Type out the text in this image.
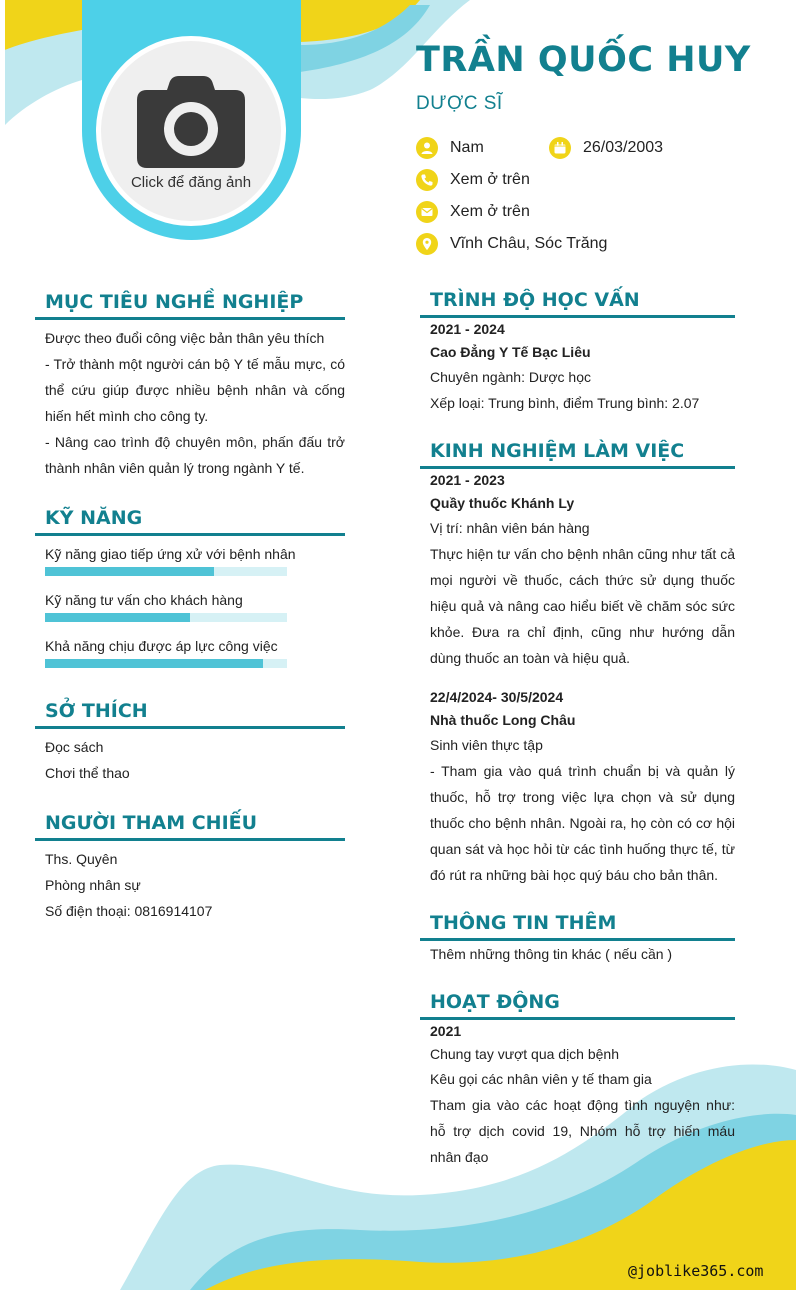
Click để đăng ảnh
TRẦN QUỐC HUY
DƯỢC SĨ
Nam	26/03/2003
Xem ở trên
Xem ở trên
Vĩnh Châu, Sóc Trăng
MỤC TIÊU NGHỀ NGHIỆP

Được theo đuổi công việc bản thân yêu thích

- Trở thành một người cán bộ Y tế mẫu mực, có thể cứu giúp được nhiều bệnh nhân và cống hiến hết mình cho công ty.

- Nâng cao trình độ chuyên môn, phấn đấu trở thành nhân viên quản lý trong ngành Y tế.

KỸ NĂNG

Kỹ năng giao tiếp ứng xử với bệnh nhân

Kỹ năng tư vấn cho khách hàng

Khả năng chịu được áp lực công việc

SỞ THÍCH

Đọc sách

Chơi thể thao

NGƯỜI THAM CHIẾU

Ths. Quyên

Phòng nhân sự

Số điện thoại: 0816914107

TRÌNH ĐỘ HỌC VẤN

2021 - 2024

Cao Đẳng Y Tế Bạc Liêu

Chuyên ngành: Dược học

Xếp loại: Trung bình, điểm Trung bình: 2.07

KINH NGHIỆM LÀM VIỆC

2021 - 2023

Quầy thuốc Khánh Ly

Vị trí: nhân viên bán hàng

Thực hiện tư vấn cho bệnh nhân cũng như tất cả mọi người về thuốc, cách thức sử dụng thuốc hiệu quả và nâng cao hiểu biết về chăm sóc sức khỏe. Đưa ra chỉ định, cũng như hướng dẫn dùng thuốc an toàn và hiệu quả.

22/4/2024- 30/5/2024

Nhà thuốc Long Châu

Sinh viên thực tập

- Tham gia vào quá trình chuẩn bị và quản lý thuốc, hỗ trợ trong việc lựa chọn và sử dụng thuốc cho bệnh nhân. Ngoài ra, họ còn có cơ hội quan sát và học hỏi từ các tình huống thực tế, từ đó rút ra những bài học quý báu cho bản thân.

THÔNG TIN THÊM

Thêm những thông tin khác ( nếu cần )

HOẠT ĐỘNG

2021

Chung tay vượt qua dịch bệnh

Kêu gọi các nhân viên y tế tham gia

Tham gia vào các hoạt động tình nguyện như: hỗ trợ dịch covid 19, Nhóm hỗ trợ hiến máu nhân đạo

@joblike365.com
